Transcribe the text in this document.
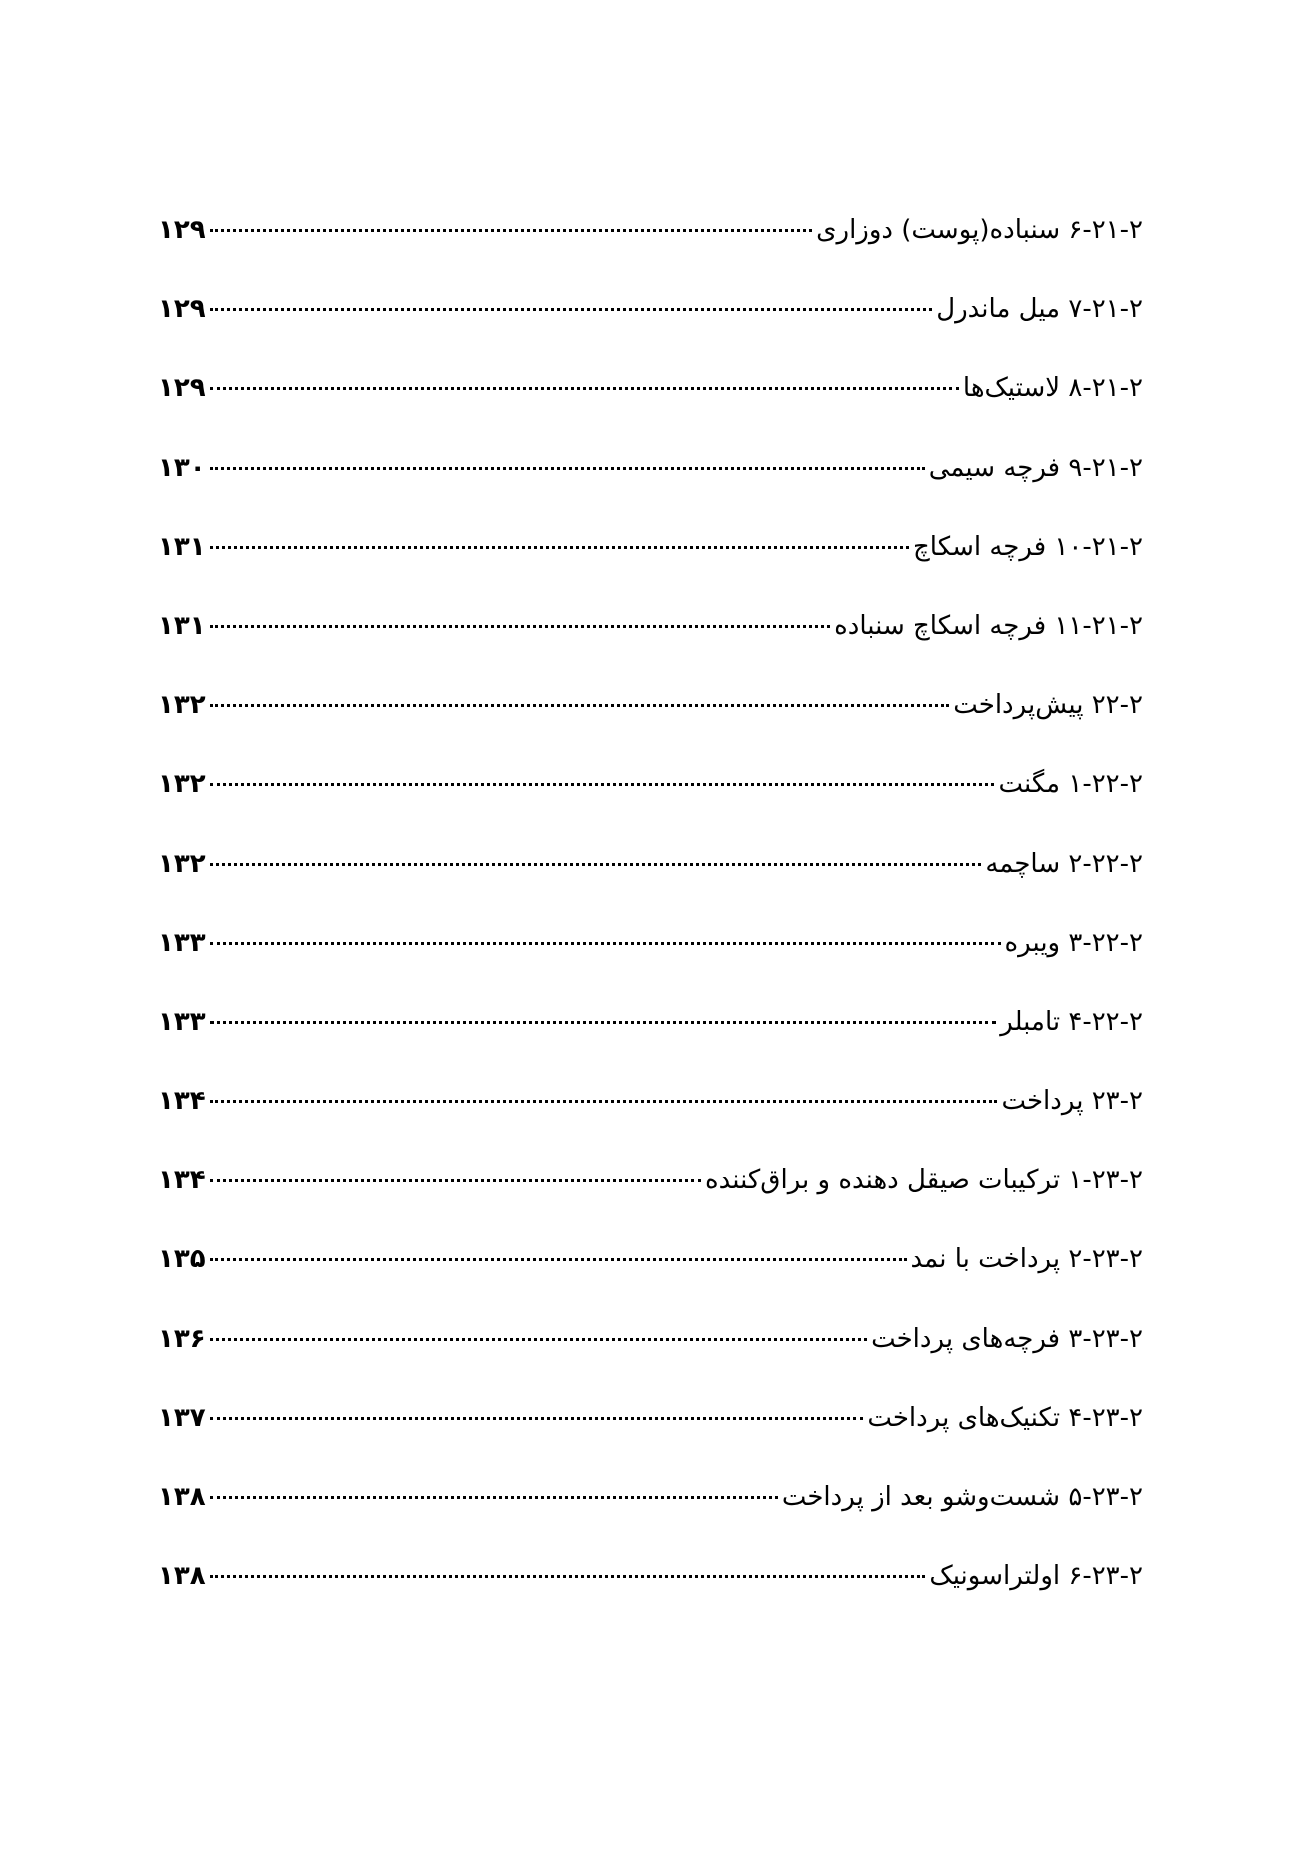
۶-۲۱-۲ سنباده(پوست) دوزاری
۱۲۹
۷-۲۱-۲ میل ماندرل
۱۲۹
۸-۲۱-۲ لاستیک‌ها
۱۲۹
۹-۲۱-۲ فرچه سیمی
۱۳۰
۱۰-۲۱-۲ فرچه اسکاچ
۱۳۱
۱۱-۲۱-۲ فرچه اسکاچ سنباده
۱۳۱
۲۲-۲ پیش‌پرداخت
۱۳۲
۱-۲۲-۲ مگنت
۱۳۲
۲-۲۲-۲ ساچمه
۱۳۲
۳-۲۲-۲ ویبره
۱۳۳
۴-۲۲-۲ تامبلر
۱۳۳
۲۳-۲ پرداخت
۱۳۴
۱-۲۳-۲ ترکیبات صیقل دهنده و براق‌کننده
۱۳۴
۲-۲۳-۲ پرداخت با نمد
۱۳۵
۳-۲۳-۲ فرچه‌های پرداخت
۱۳۶
۴-۲۳-۲ تکنیک‌های پرداخت
۱۳۷
۵-۲۳-۲ شست‌وشو بعد از پرداخت
۱۳۸
۶-۲۳-۲ اولتراسونیک
۱۳۸
